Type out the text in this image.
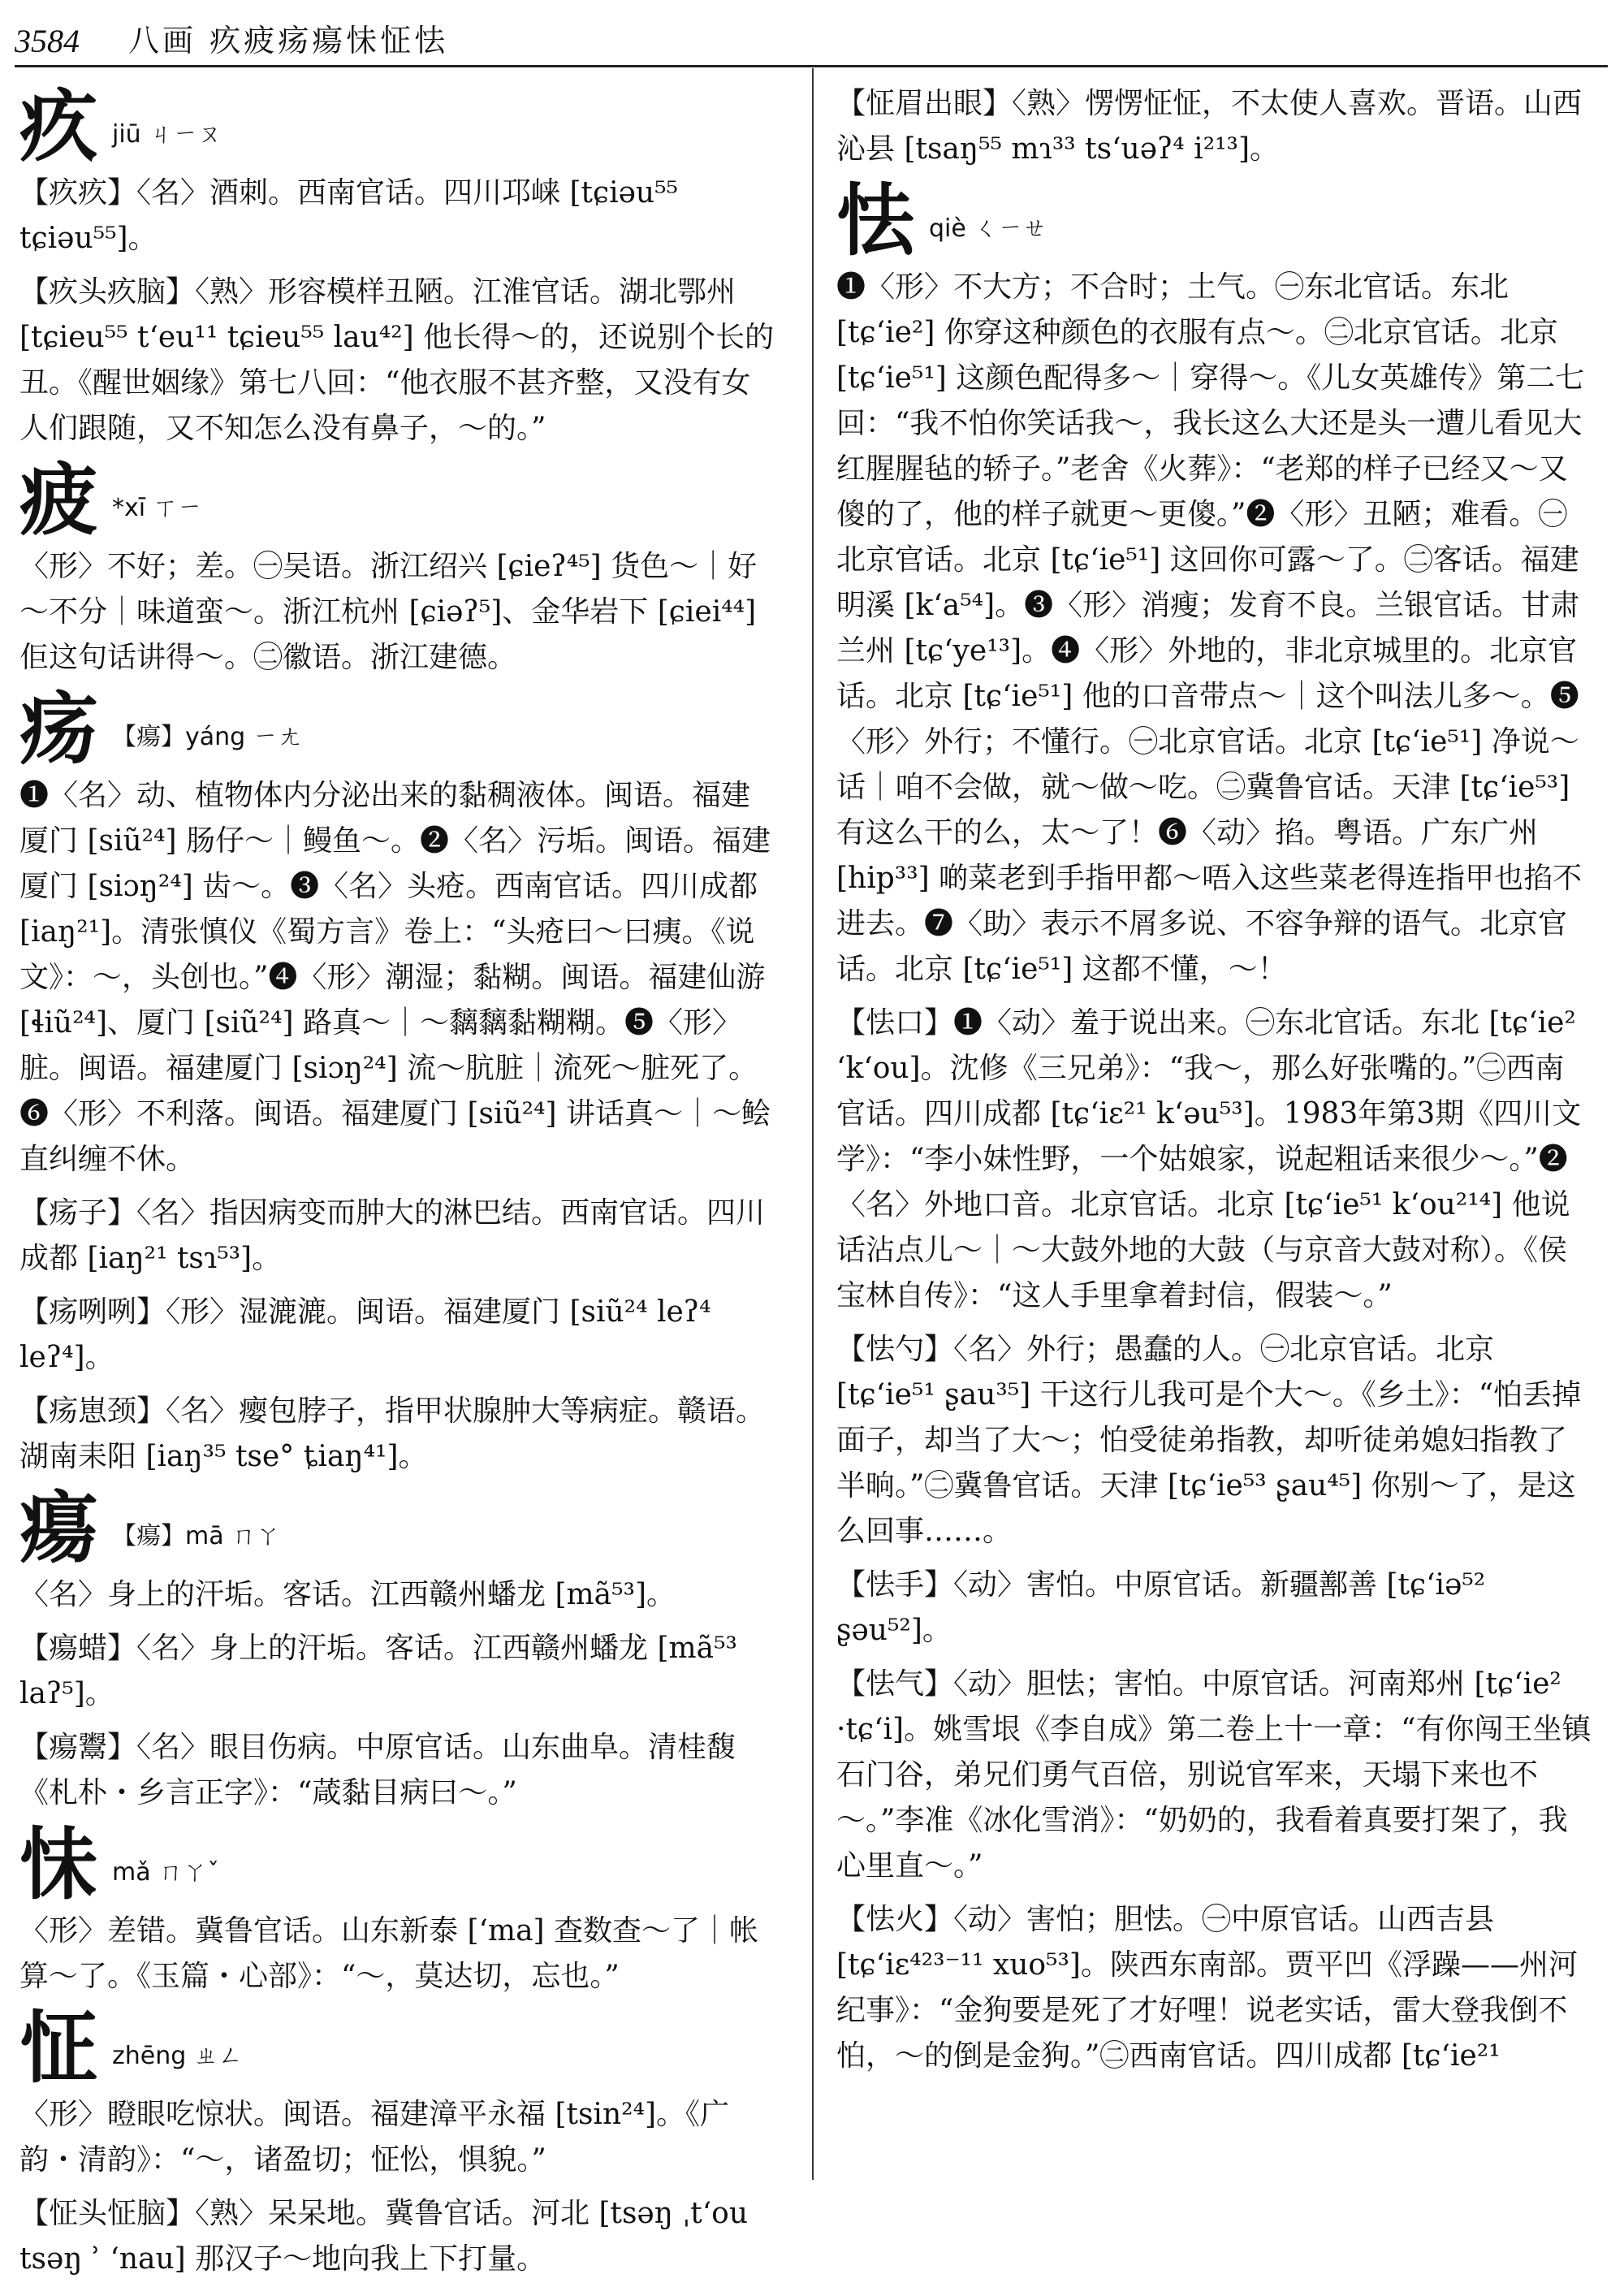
3584 八画 疚疲疡瘍怽怔怯
疚 jiū ㄐㄧㄡ
【疚疚】〈名〉酒刺。西南官话。四川邛崃 [tɕiəu⁵⁵ tɕiəu⁵⁵]。
【疚头疚脑】〈熟〉形容模样丑陋。江淮官话。湖北鄂州 [tɕieu⁵⁵ t‘eu¹¹ tɕieu⁵⁵ lau⁴²] 他长得～的，还说别个长的丑。《醒世姻缘》第七八回：“他衣服不甚齐整，又没有女人们跟随，又不知怎么没有鼻子，～的。”
疲 *xī ㄒㄧ
〈形〉不好；差。㊀吴语。浙江绍兴 [ɕieʔ⁴⁵] 货色～｜好～不分｜味道蛮～。浙江杭州 [ɕiəʔ⁵]、金华岩下 [ɕiei⁴⁴] 佢这句话讲得～。㊁徽语。浙江建德。
疡 【瘍】yáng ㄧㄤ
❶〈名〉动、植物体内分泌出来的黏稠液体。闽语。福建厦门 [siũ²⁴] 肠仔～｜鳗鱼～。❷〈名〉污垢。闽语。福建厦门 [siɔŋ²⁴] 齿～。❸〈名〉头疮。西南官话。四川成都 [iaŋ²¹]。清张慎仪《蜀方言》卷上：“头疮曰～曰痍。《说文》：～，头创也。”❹〈形〉潮湿；黏糊。闽语。福建仙游 [ɬiũ²⁴]、厦门 [siũ²⁴] 路真～｜～黐黐黏糊糊。❺〈形〉脏。闽语。福建厦门 [siɔŋ²⁴] 流～肮脏｜流死～脏死了。❻〈形〉不利落。闽语。福建厦门 [siũ²⁴] 讲话真～｜～鲙直纠缠不休。
【疡子】〈名〉指因病变而肿大的淋巴结。西南官话。四川成都 [iaŋ²¹ tsɿ⁵³]。
【疡咧咧】〈形〉湿漉漉。闽语。福建厦门 [siũ²⁴ leʔ⁴ leʔ⁴]。
【疡崽颈】〈名〉瘿包脖子，指甲状腺肿大等病症。赣语。湖南耒阳 [iaŋ³⁵ tse° ȶiaŋ⁴¹]。
瘍 【瘍】mā ㄇㄚ
〈名〉身上的汗垢。客话。江西赣州蟠龙 [mã⁵³]。
【瘍蜡】〈名〉身上的汗垢。客话。江西赣州蟠龙 [mã⁵³ laʔ⁵]。
【瘍鬻】〈名〉眼目伤病。中原官话。山东曲阜。清桂馥《札朴・乡言正字》：“葴黏目病曰～。”
怽 mǎ ㄇㄚˇ
〈形〉差错。冀鲁官话。山东新泰 [‘ma] 查数查～了｜帐算～了。《玉篇・心部》：“～，莫达切，忘也。”
怔 zhēng ㄓㄥ
〈形〉瞪眼吃惊状。闽语。福建漳平永福 [tsin²⁴]。《广韵・清韵》：“～，诸盈切；怔忪，惧貌。”
【怔头怔脑】〈熟〉呆呆地。冀鲁官话。河北 [tsəŋ ˌt‘ou tsəŋ ʾ ‘nau] 那汉子～地向我上下打量。
【怔眉出眼】〈熟〉愣愣怔怔，不太使人喜欢。晋语。山西沁县 [tsaŋ⁵⁵ mɿ³³ ts‘uəʔ⁴ i²¹³]。
怯 qiè ㄑㄧㄝ
❶〈形〉不大方；不合时；土气。㊀东北官话。东北 [tɕ‘ie²] 你穿这种颜色的衣服有点～。㊁北京官话。北京 [tɕ‘ie⁵¹] 这颜色配得多～｜穿得～。《儿女英雄传》第二七回：“我不怕你笑话我～，我长这么大还是头一遭儿看见大红腥腥毡的轿子。”老舍《火葬》：“老郑的样子已经又～又傻的了，他的样子就更～更傻。”❷〈形〉丑陋；难看。㊀北京官话。北京 [tɕ‘ie⁵¹] 这回你可露～了。㊁客话。福建明溪 [k‘a⁵⁴]。❸〈形〉消瘦；发育不良。兰银官话。甘肃兰州 [tɕ‘ye¹³]。❹〈形〉外地的，非北京城里的。北京官话。北京 [tɕ‘ie⁵¹] 他的口音带点～｜这个叫法儿多～。❺〈形〉外行；不懂行。㊀北京官话。北京 [tɕ‘ie⁵¹] 净说～话｜咱不会做，就～做～吃。㊁冀鲁官话。天津 [tɕ‘ie⁵³] 有这么干的么，太～了！❻〈动〉掐。粤语。广东广州 [hip³³] 啲菜老到手指甲都～唔入这些菜老得连指甲也掐不进去。❼〈助〉表示不屑多说、不容争辩的语气。北京官话。北京 [tɕ‘ie⁵¹] 这都不懂，～！
【怯口】❶〈动〉羞于说出来。㊀东北官话。东北 [tɕ‘ie² ‘k‘ou]。沈修《三兄弟》：“我～，那么好张嘴的。”㊁西南官话。四川成都 [tɕ‘iɛ²¹ k‘əu⁵³]。1983年第3期《四川文学》：“李小妹性野，一个姑娘家，说起粗话来很少～。”❷〈名〉外地口音。北京官话。北京 [tɕ‘ie⁵¹ k‘ou²¹⁴] 他说话沾点儿～｜～大鼓外地的大鼓（与京音大鼓对称）。《侯宝林自传》：“这人手里拿着封信，假装～。”
【怯勺】〈名〉外行；愚蠢的人。㊀北京官话。北京 [tɕ‘ie⁵¹ ʂau³⁵] 干这行儿我可是个大～。《乡土》：“怕丢掉面子，却当了大～；怕受徒弟指教，却听徒弟媳妇指教了半晌。”㊁冀鲁官话。天津 [tɕ‘ie⁵³ ʂau⁴⁵] 你别～了，是这么回事……。
【怯手】〈动〉害怕。中原官话。新疆鄯善 [tɕ‘iə⁵² ʂəu⁵²]。
【怯气】〈动〉胆怯；害怕。中原官话。河南郑州 [tɕ‘ie² ·tɕ‘i]。姚雪垠《李自成》第二卷上十一章：“有你闯王坐镇石门谷，弟兄们勇气百倍，别说官军来，天塌下来也不～。”李准《冰化雪消》：“奶奶的，我看着真要打架了，我心里直～。”
【怯火】〈动〉害怕；胆怯。㊀中原官话。山西吉县 [tɕ‘iɛ⁴²³⁻¹¹ xuo⁵³]。陕西东南部。贾平凹《浮躁——州河纪事》：“金狗要是死了才好哩！说老实话，雷大登我倒不怕，～的倒是金狗。”㊁西南官话。四川成都 [tɕ‘ie²¹
